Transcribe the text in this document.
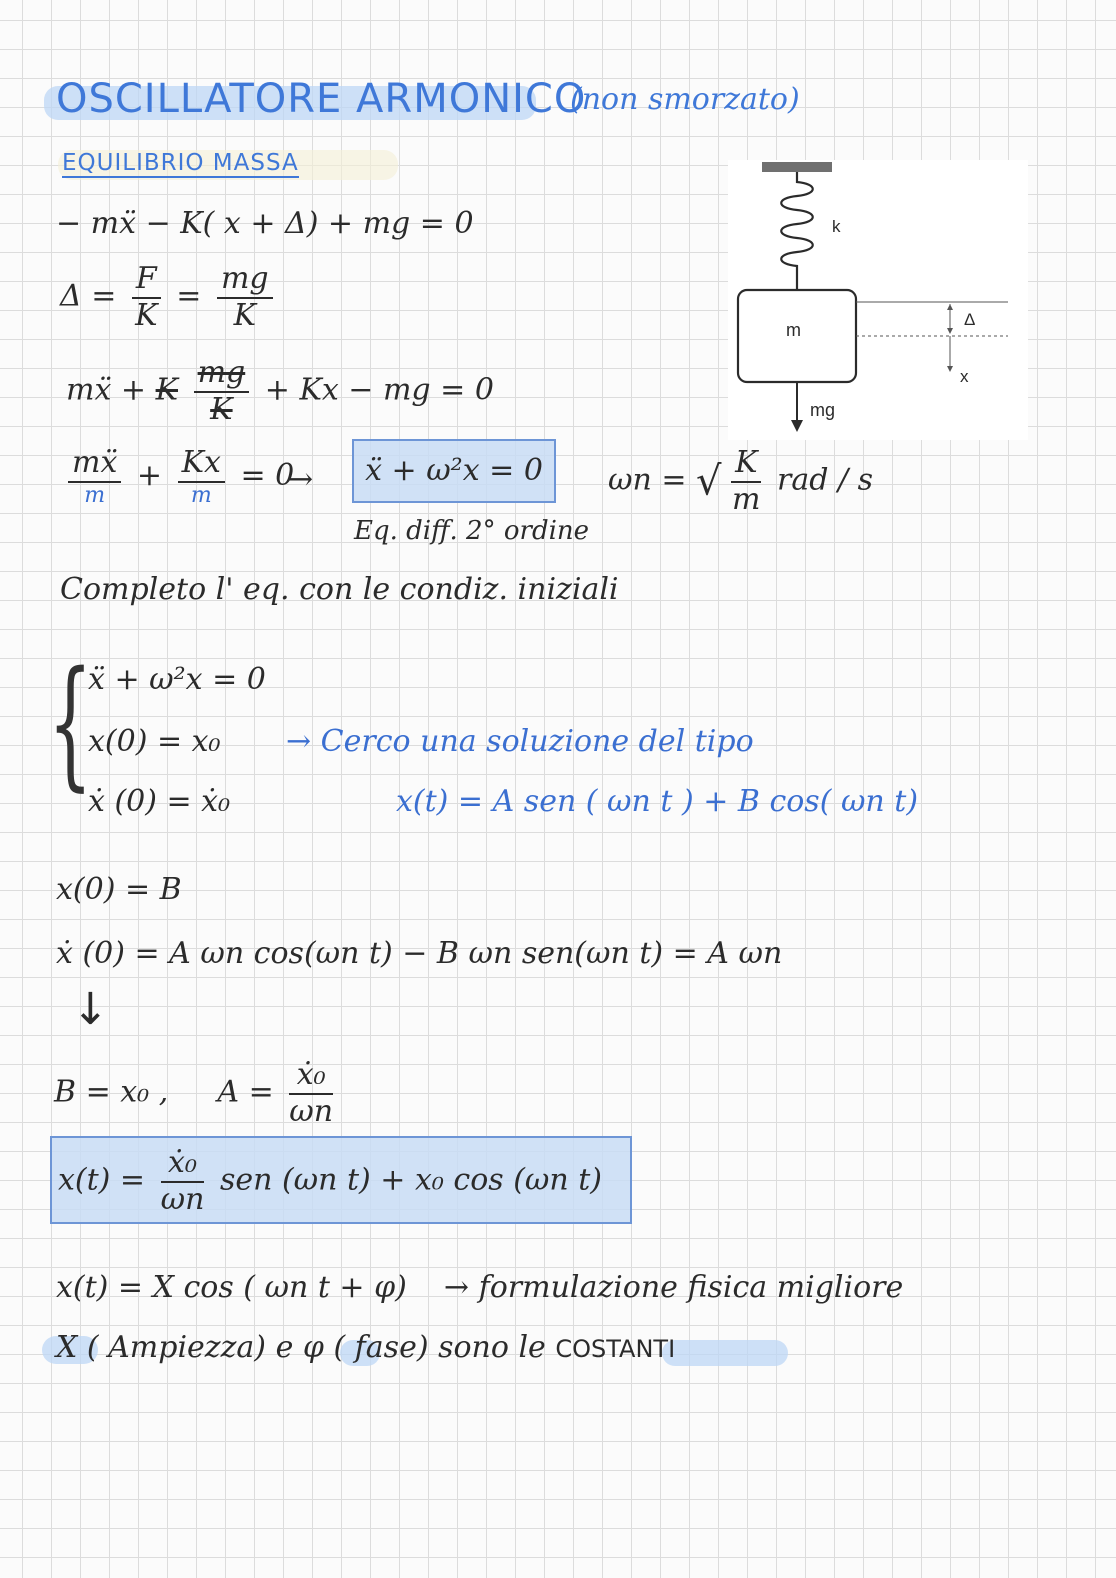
OSCILLATORE ARMONICO
(non smorzato)
EQUILIBRIO MASSA
− mẍ − K( x + Δ) + mg = 0
$\Delta = \frac{F}{K} = \frac{mg}{K}$
mẍ + K $\frac{mg}{K} + Kx$ − mg = 0
$\frac{\text{mẍ}}{m} + \frac{Kx}{m} = 0$
→	ẍ + ω²x = 0	ωn = √ $\frac{K}{m}$ rad / s
Eq. diff. 2° ordine
Completo l' eq. con le condiz. iniziali
{
ẍ + ω²x = 0
x(0) = x₀
ẋ (0) = ẋ₀
→ Cerco una soluzione del tipo
x(t) = A sen ( ωn t ) + B cos( ωn t)
x(0) = B
ẋ (0) = A ωn cos(ωn t) − B ωn sen(ωn t) = A ωn
↓
B = x₀ , $A = \frac{\text{ẋ₀}}{\omega n}$
$x(t) = \frac{\text{ẋ₀}}{\omega n}$ sen (ωn t) + x₀ cos (ωn t)
x(t) = X cos ( ωn t + φ) → formulazione fisica migliore
X ( Ampiezza) e φ ( fase) sono le COSTANTI
k
m
mg
Δ
x
